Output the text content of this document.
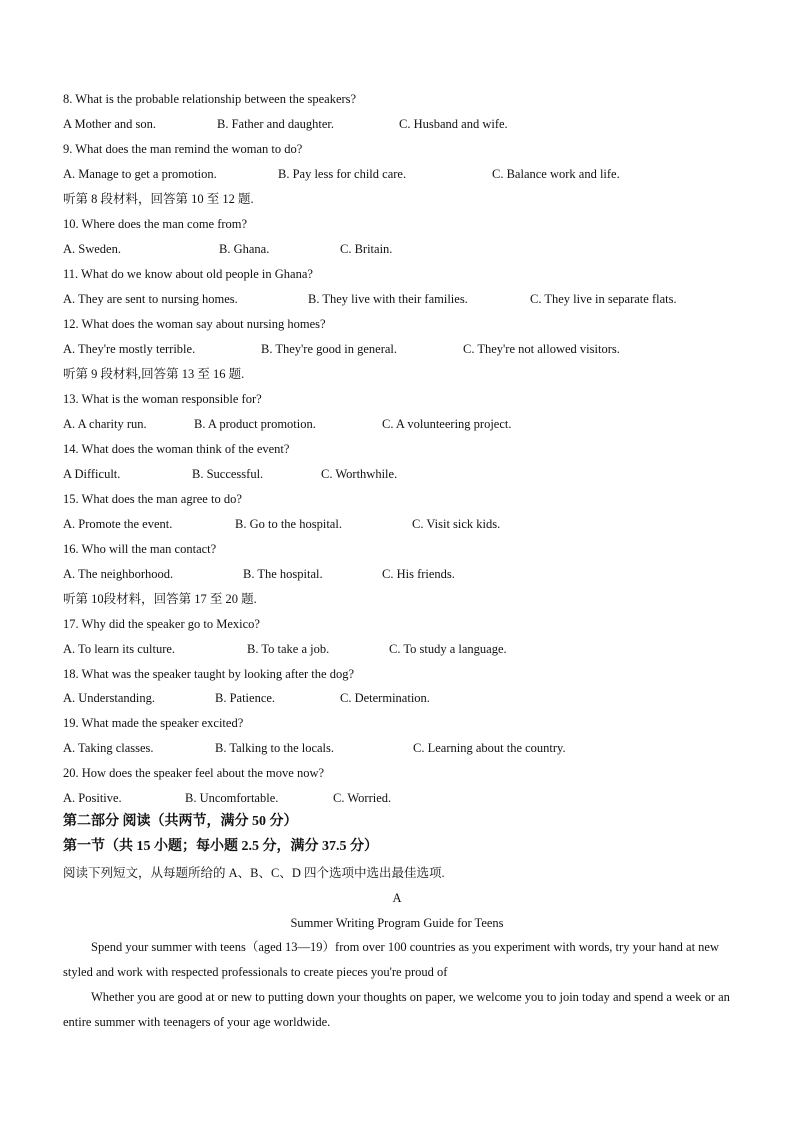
8. What is the probable relationship between the speakers?
A Mother and son.	B. Father and daughter.	C. Husband and wife.
9. What does the man remind the woman to do?
A. Manage to get a promotion.	B. Pay less for child care.	C. Balance work and life.
听第 8 段材料，回答第 10 至 12 题.
10. Where does the man come from?
A. Sweden.	B. Ghana.	C. Britain.
11. What do we know about old people in Ghana?
A. They are sent to nursing homes.	B. They live with their families.	C. They live in separate flats.
12. What does the woman say about nursing homes?
A. They're mostly terrible.	B. They're good in general.	C. They're not allowed visitors.
听第 9 段材料,回答第 13 至 16 题.
13. What is the woman responsible for?
A. A charity run.	B. A product promotion.	C. A volunteering project.
14. What does the woman think of the event?
A Difficult.	B. Successful.	C. Worthwhile.
15. What does the man agree to do?
A. Promote the event.	B. Go to the hospital.	C. Visit sick kids.
16. Who will the man contact?
A. The neighborhood.	B. The hospital.	C. His friends.
听第 10段材料，回答第 17 至 20 题.
17. Why did the speaker go to Mexico?
A. To learn its culture.	B. To take a job.	C. To study a language.
18. What was the speaker taught by looking after the dog?
A. Understanding.	B. Patience.	C. Determination.
19. What made the speaker excited?
A. Taking classes.	B. Talking to the locals.	C. Learning about the country.
20. How does the speaker feel about the move now?
A. Positive.	B. Uncomfortable.	C. Worried.
第二部分 阅读（共两节，满分 50 分）
第一节（共 15 小题；每小题 2.5 分，满分 37.5 分）
阅读下列短文，从每题所给的 A、B、C、D 四个选项中选出最佳选项.
A
Summer Writing Program Guide for Teens
Spend your summer with teens（aged 13—19）from over 100 countries as you experiment with words, try your hand at new styled and work with respected professionals to create pieces you're proud of
Whether you are good at or new to putting down your thoughts on paper, we welcome you to join today and spend a week or an entire summer with teenagers of your age worldwide.
